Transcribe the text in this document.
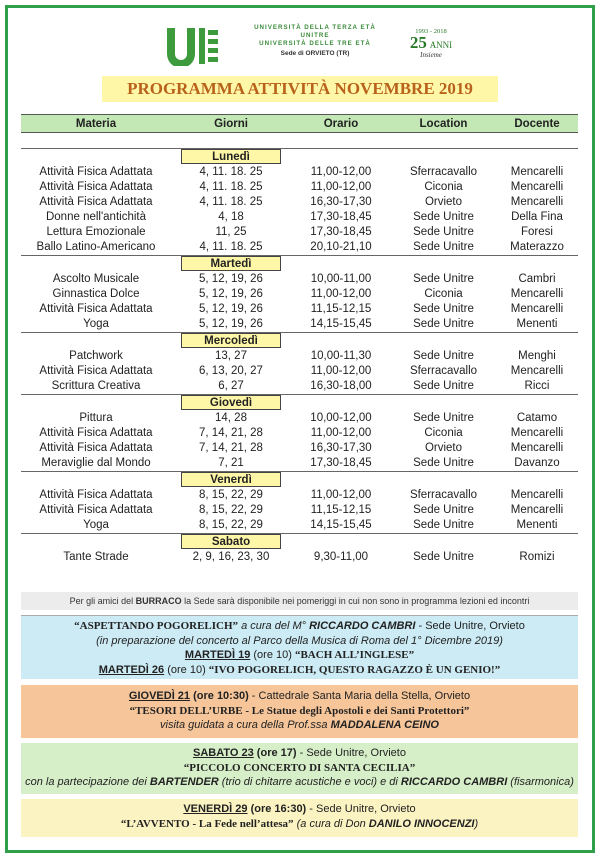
UNIVERSITÀ DELLA TERZA ETÀ
UNITRE
UNIVERSITÀ DELLE TRE ETÀ
Sede di ORVIETO (TR)
1993 - 2018
25 ANNI
Insieme
PROGRAMMA ATTIVITÀ NOVEMBRE 2019
Materia	Giorni	Orario	Location	Docente

	Lunedì			
Attività Fisica Adattata	4, 11. 18. 25	11,00-12,00	Sferracavallo	Mencarelli
Attività Fisica Adattata	4, 11. 18. 25	11,00-12,00	Ciconia	Mencarelli
Attività Fisica Adattata	4, 11. 18. 25	16,30-17,30	Orvieto	Mencarelli
Donne nell'antichità	4, 18	17,30-18,45	Sede Unitre	Della Fina
Lettura Emozionale	11, 25	17,30-18,45	Sede Unitre	Foresi
Ballo Latino-Americano	4, 11. 18. 25	20,10-21,10	Sede Unitre	Materazzo
	Martedì			
Ascolto Musicale	5, 12, 19, 26	10,00-11,00	Sede Unitre	Cambri
Ginnastica Dolce	5, 12, 19, 26	11,00-12,00	Ciconia	Mencarelli
Attività Fisica Adattata	5, 12, 19, 26	11,15-12,15	Sede Unitre	Mencarelli
Yoga	5, 12, 19, 26	14,15-15,45	Sede Unitre	Menenti
	Mercoledì			
Patchwork	13, 27	10,00-11,30	Sede Unitre	Menghi
Attività Fisica Adattata	6, 13, 20, 27	11,00-12,00	Sferracavallo	Mencarelli
Scrittura Creativa	6, 27	16,30-18,00	Sede Unitre	Ricci
	Giovedì			
Pittura	14, 28	10,00-12,00	Sede Unitre	Catamo
Attività Fisica Adattata	7, 14, 21, 28	11,00-12,00	Ciconia	Mencarelli
Attività Fisica Adattata	7, 14, 21, 28	16,30-17,30	Orvieto	Mencarelli
Meraviglie dal Mondo	7, 21	17,30-18,45	Sede Unitre	Davanzo
	Venerdì			
Attività Fisica Adattata	8, 15, 22, 29	11,00-12,00	Sferracavallo	Mencarelli
Attività Fisica Adattata	8, 15, 22, 29	11,15-12,15	Sede Unitre	Mencarelli
Yoga	8, 15, 22, 29	14,15-15,45	Sede Unitre	Menenti
	Sabato			
Tante Strade	2, 9, 16, 23, 30	9,30-11,00	Sede Unitre	Romizi
Per gli amici del BURRACO la Sede sarà disponibile nei pomeriggi in cui non sono in programma lezioni ed incontri
“ASPETTANDO POGORELICH” a cura del M° RICCARDO CAMBRI - Sede Unitre, Orvieto
(in preparazione del concerto al Parco della Musica di Roma del 1° Dicembre 2019)
MARTEDÌ 19 (ore 10) “BACH ALL’INGLESE”
MARTEDÌ 26 (ore 10) “IVO POGORELICH, QUESTO RAGAZZO È UN GENIO!”
GIOVEDÌ 21 (ore 10:30) - Cattedrale Santa Maria della Stella, Orvieto
“TESORI DELL’URBE - Le Statue degli Apostoli e dei Santi Protettori”
visita guidata a cura della Prof.ssa MADDALENA CEINO
SABATO 23 (ore 17) - Sede Unitre, Orvieto
“PICCOLO CONCERTO DI SANTA CECILIA”
con la partecipazione dei BARTENDER (trio di chitarre acustiche e voci) e di RICCARDO CAMBRI (fisarmonica)
VENERDÌ 29 (ore 16:30) - Sede Unitre, Orvieto
“L’AVVENTO - La Fede nell’attesa” (a cura di Don DANILO INNOCENZI)
